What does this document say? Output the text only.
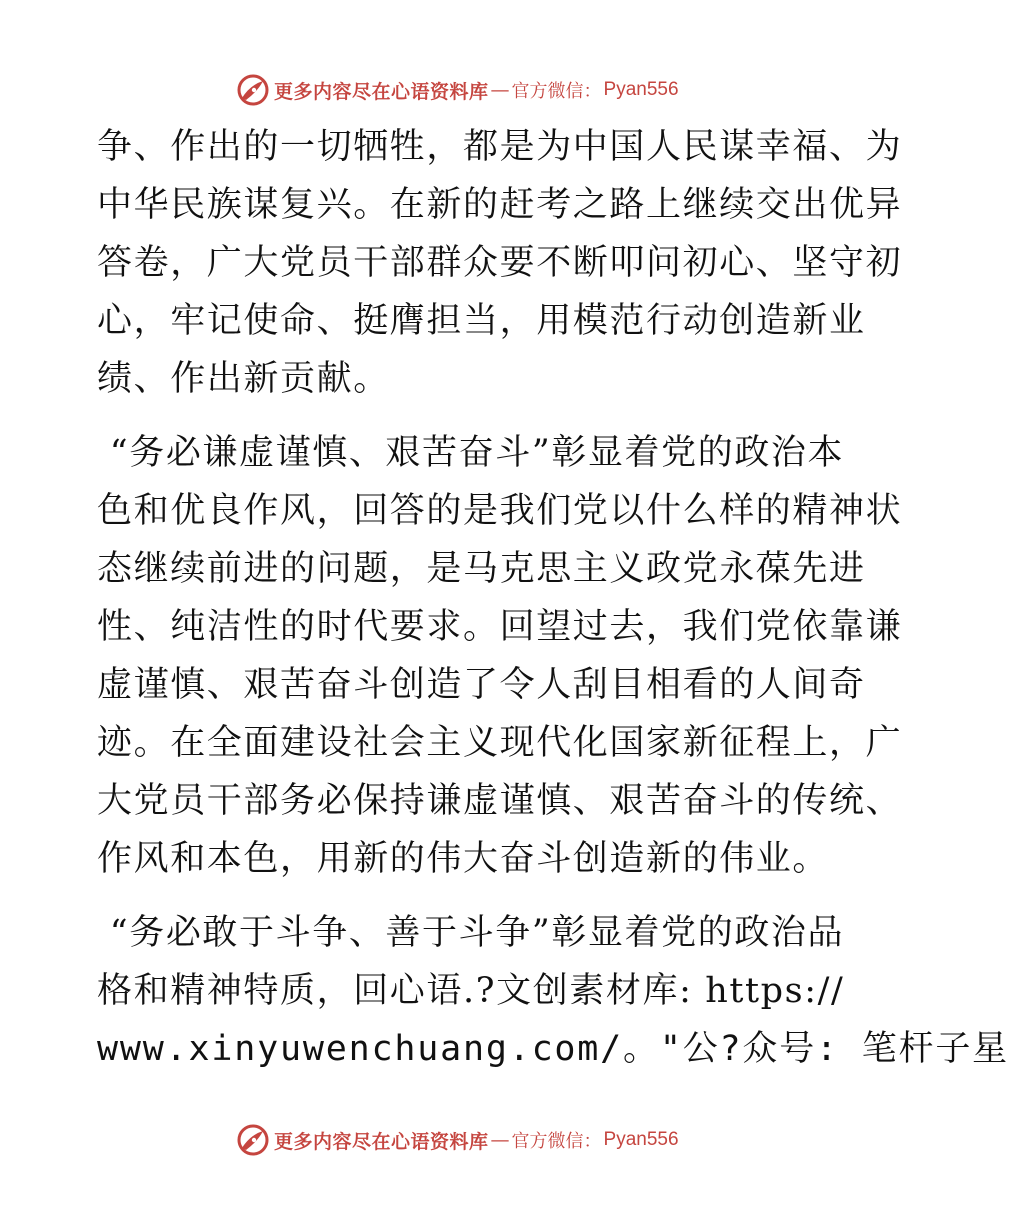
更多内容尽在心语资料库 — 官方微信： Pyan556
争、作出的一切牺牲，都是为中国人民谋幸福、为
中华民族谋复兴。在新的赶考之路上继续交出优异
答卷，广大党员干部群众要不断叩问初心、坚守初
心，牢记使命、挺膺担当，用模范行动创造新业
绩、作出新贡献。
“务必谦虚谨慎、艰苦奋斗”彰显着党的政治本
色和优良作风，回答的是我们党以什么样的精神状
态继续前进的问题，是马克思主义政党永葆先进
性、纯洁性的时代要求。回望过去，我们党依靠谦
虚谨慎、艰苦奋斗创造了令人刮目相看的人间奇
迹。在全面建设社会主义现代化国家新征程上，广
大党员干部务必保持谦虚谨慎、艰苦奋斗的传统、
作风和本色，用新的伟大奋斗创造新的伟业。
“务必敢于斗争、善于斗争”彰显着党的政治品
格和精神特质，回心语.?文创素材库: https://
www.xinyuwenchuang.com/。"公?众号: 笔杆子星
更多内容尽在心语资料库 — 官方微信： Pyan556
